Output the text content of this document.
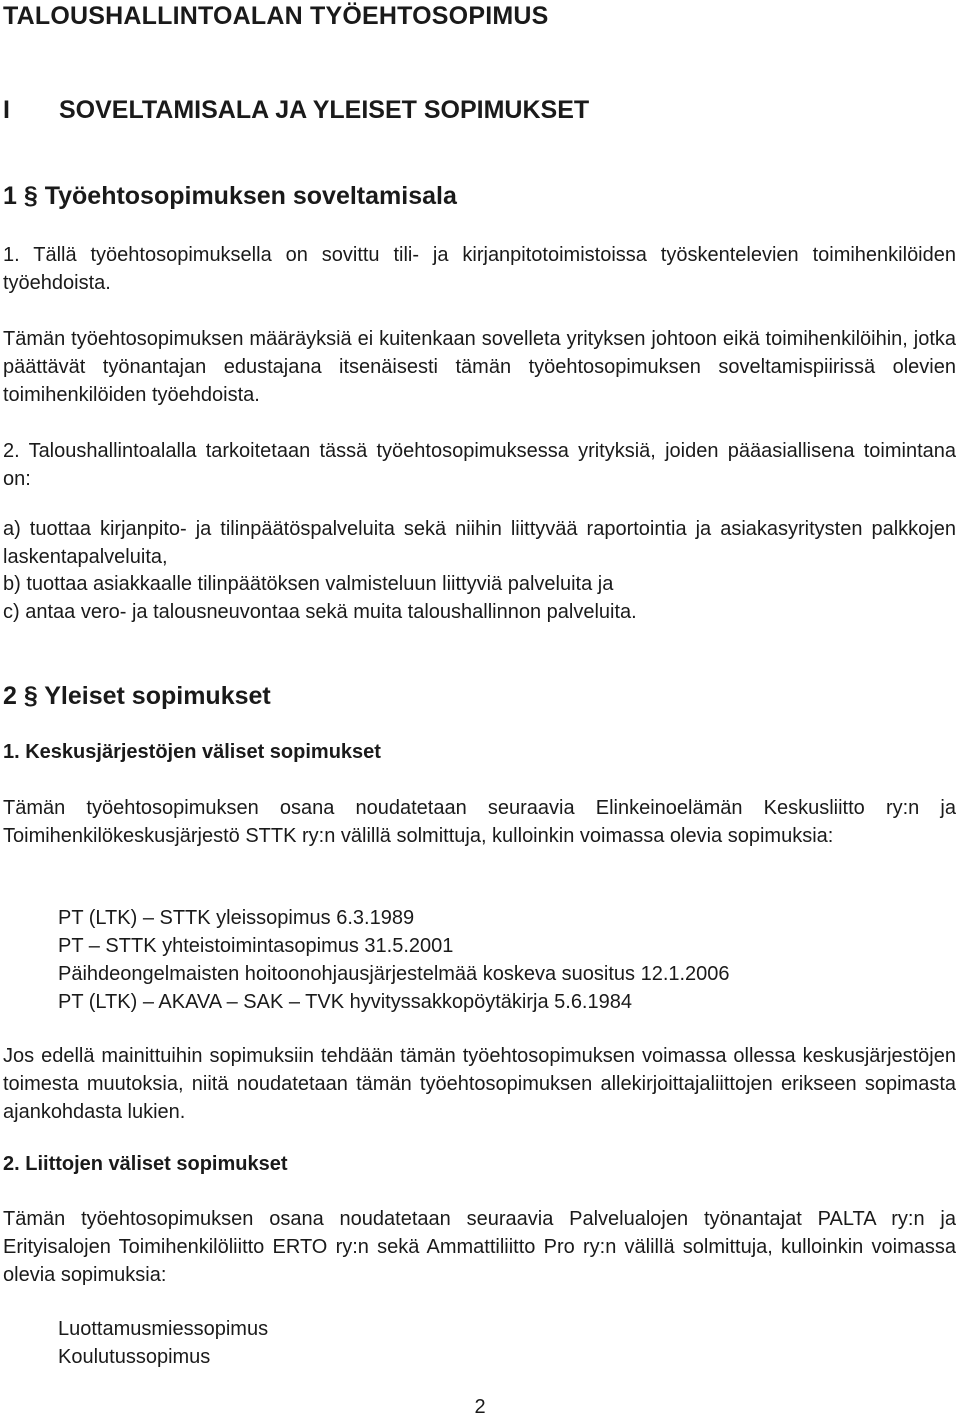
TALOUSHALLINTOALAN TYÖEHTOSOPIMUS
I SOVELTAMISALA JA YLEISET SOPIMUKSET
1 § Työehtosopimuksen soveltamisala

1. Tällä työehtosopimuksella on sovittu tili- ja kirjanpitotoimistoissa työskentelevien toimihenkilöiden työehdoista.

Tämän työehtosopimuksen määräyksiä ei kuitenkaan sovelleta yrityksen johtoon eikä toimihenkilöihin, jotka päättävät työnantajan edustajana itsenäisesti tämän työehtosopimuksen soveltamispiirissä olevien toimihenkilöiden työehdoista.

2. Taloushallintoalalla tarkoitetaan tässä työehtosopimuksessa yrityksiä, joiden pääasiallisena toimintana on:

a) tuottaa kirjanpito- ja tilinpäätöspalveluita sekä niihin liittyvää raportointia ja asiakasyritysten palkkojen laskentapalveluita,

b) tuottaa asiakkaalle tilinpäätöksen valmisteluun liittyviä palveluita ja

c) antaa vero- ja talousneuvontaa sekä muita taloushallinnon palveluita.

2 § Yleiset sopimukset
1. Keskusjärjestöjen väliset sopimukset

Tämän työehtosopimuksen osana noudatetaan seuraavia Elinkeinoelämän Keskusliitto ry:n ja Toimihenkilökeskusjärjestö STTK ry:n välillä solmittuja, kulloinkin voimassa olevia sopimuksia:

PT (LTK) – STTK yleissopimus 6.3.1989
PT – STTK yhteistoimintasopimus 31.5.2001
Päihdeongelmaisten hoitoonohjausjärjestelmää koskeva suositus 12.1.2006
PT (LTK) – AKAVA – SAK – TVK hyvityssakkopöytäkirja 5.6.1984

Jos edellä mainittuihin sopimuksiin tehdään tämän työehtosopimuksen voimassa ollessa keskusjärjestöjen toimesta muutoksia, niitä noudatetaan tämän työehtosopimuksen allekirjoittajaliittojen erikseen sopimasta ajankohdasta lukien.

2. Liittojen väliset sopimukset

Tämän työehtosopimuksen osana noudatetaan seuraavia Palvelualojen työnantajat PALTA ry:n ja Erityisalojen Toimihenkilöliitto ERTO ry:n sekä Ammattiliitto Pro ry:n välillä solmittuja, kulloinkin voimassa olevia sopimuksia:

Luottamusmiessopimus
Koulutussopimus
2
